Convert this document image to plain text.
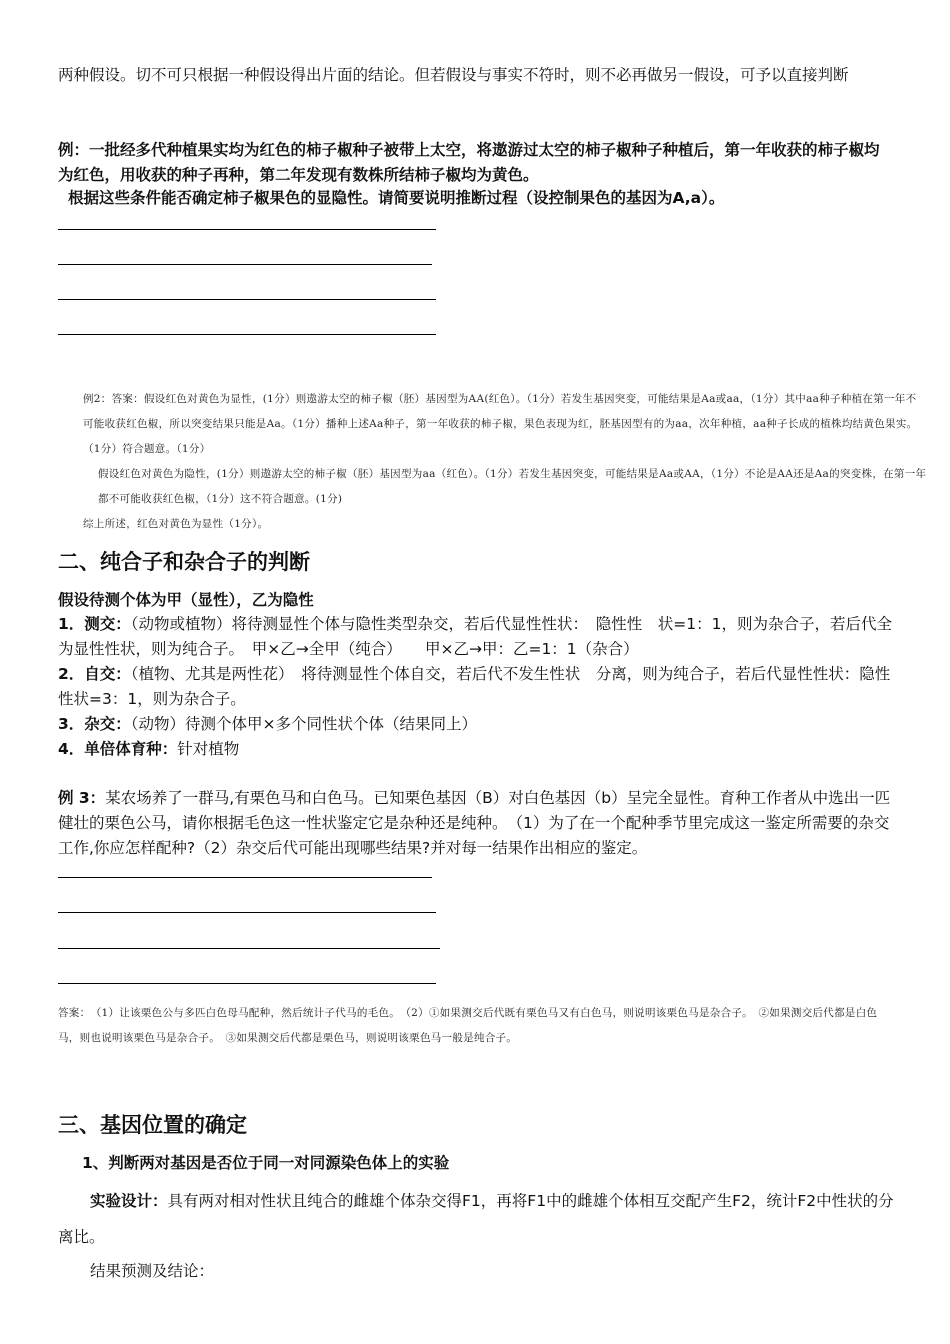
两种假设。切不可只根据一种假设得出片面的结论。但若假设与事实不符时，则不必再做另一假设，可予以直接判断

例：一批经多代种植果实均为红色的柿子椒种子被带上太空，将遨游过太空的柿子椒种子种植后，第一年收获的柿子椒均为红色，用收获的种子再种，第二年发现有数株所结柿子椒均为黄色。

根据这些条件能否确定柿子椒果色的显隐性。请简要说明推断过程（设控制果色的基因为A,a）。

例2：答案：假设红色对黄色为显性，(1分）则遨游太空的柿子椒（胚）基因型为AA(红色）。（1分）若发生基因突变，可能结果是Aa或aa，（1分）其中aa种子种植在第一年不可能收获红色椒，所以突变结果只能是Aa。（1分）播种上述Aa种子，第一年收获的柿子椒，果色表现为红，胚基因型有的为aa，次年种植，aa种子长成的植株均结黄色果实。（1分）符合题意。（1分）

假设红色对黄色为隐性，(1分）则遨游太空的柿子椒（胚）基因型为aa（红色）。（1分）若发生基因突变，可能结果是Aa或AA，（1分）不论是AA还是Aa的突变株，在第一年都不可能收获红色椒，（1分）这不符合题意。(1分)

综上所述，红色对黄色为显性（1分）。

二、纯合子和杂合子的判断

假设待测个体为甲（显性），乙为隐性

1．测交：（动物或植物）将待测显性个体与隐性类型杂交，若后代显性性状：　隐性性　状=1：1，则为杂合子，若后代全为显性性状，则为纯合子。　甲×乙→全甲（纯合）　　甲×乙→甲：乙=1：1（杂合）

2．自交：（植物、尤其是两性花）　将待测显性个体自交，若后代不发生性状　分离，则为纯合子，若后代显性性状：隐性性状=3：1，则为杂合子。

3．杂交：（动物）待测个体甲×多个同性状个体（结果同上）

4．单倍体育种：针对植物

例 3：某农场养了一群马,有栗色马和白色马。已知栗色基因（B）对白色基因（b）呈完全显性。育种工作者从中选出一匹健壮的栗色公马，请你根据毛色这一性状鉴定它是杂种还是纯种。　（1）为了在一个配种季节里完成这一鉴定所需要的杂交工作,你应怎样配种?（2）杂交后代可能出现哪些结果?并对每一结果作出相应的鉴定。

答案：　（1）让该栗色公与多匹白色母马配种，然后统计子代马的毛色。　（2）①如果测交后代既有栗色马又有白色马，则说明该栗色马是杂合子。　②如果测交后代都是白色马，则也说明该栗色马是杂合子。　③如果测交后代都是栗色马，则说明该栗色马一般是纯合子。

三、基因位置的确定

1、判断两对基因是否位于同一对同源染色体上的实验

实验设计：具有两对相对性状且纯合的雌雄个体杂交得F1，再将F1中的雌雄个体相互交配产生F2，统计F2中性状的分离比。

结果预测及结论：
